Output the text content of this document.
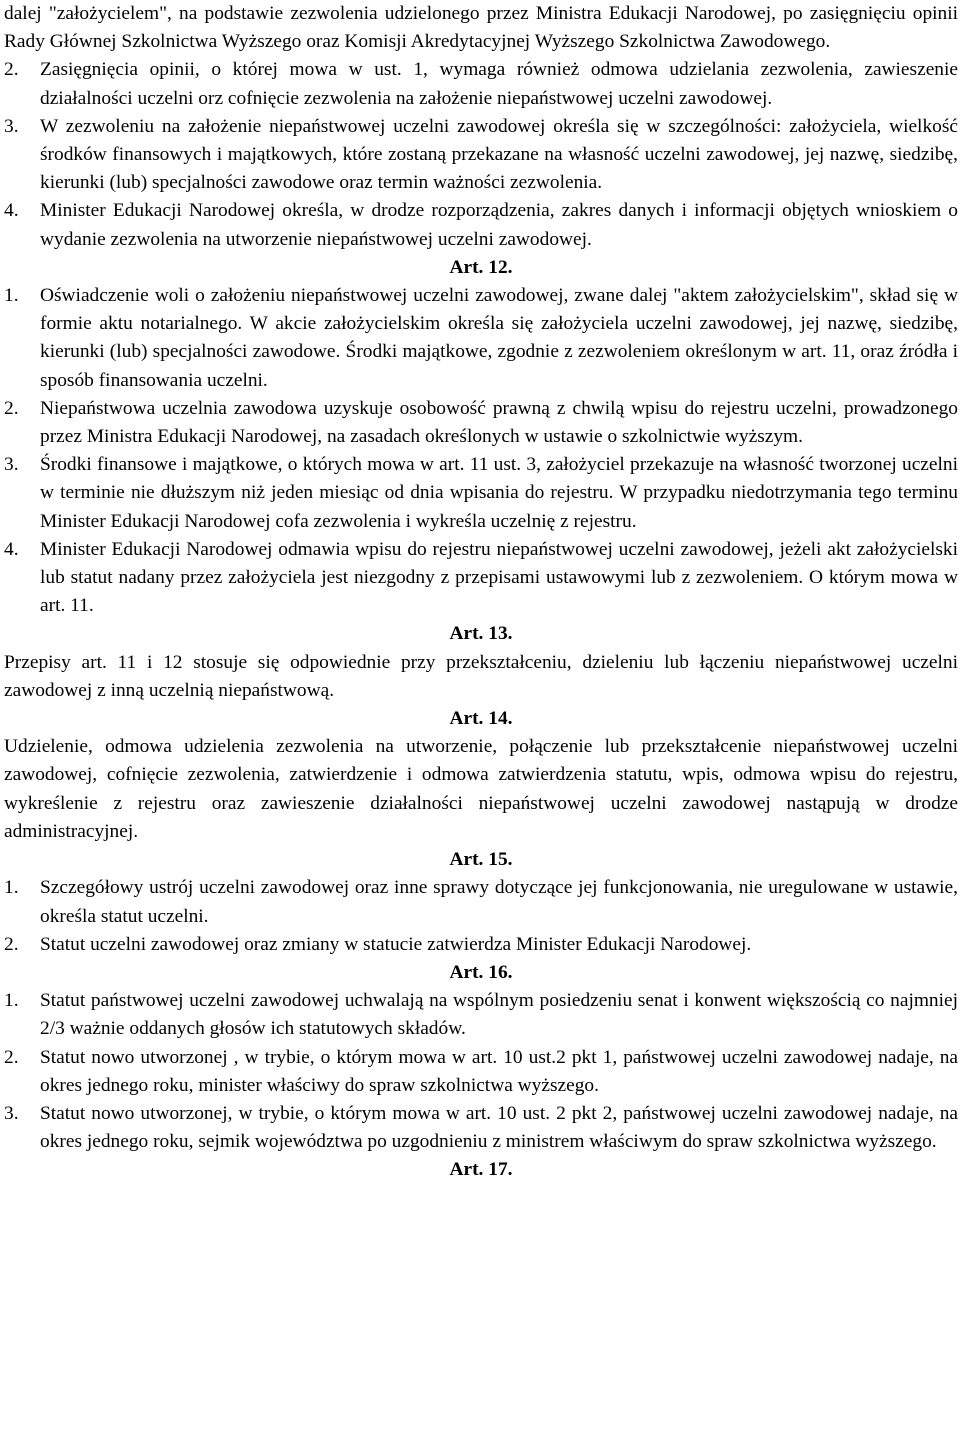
dalej "założycielem", na podstawie zezwolenia udzielonego przez Ministra Edukacji Narodowej, po zasięgnięciu opinii Rady Głównej Szkolnictwa Wyższego oraz Komisji Akredytacyjnej Wyższego Szkolnictwa Zawodowego.

2.	Zasięgnięcia opinii, o której mowa w ust. 1, wymaga również odmowa udzielania zezwolenia, zawieszenie działalności uczelni orz cofnięcie zezwolenia na założenie niepaństwowej uczelni zawodowej.
3.	W zezwoleniu na założenie niepaństwowej uczelni zawodowej określa się w szczególności: założyciela, wielkość środków finansowych i majątkowych, które zostaną przekazane na własność uczelni zawodowej, jej nazwę, siedzibę, kierunki (lub) specjalności zawodowe oraz termin ważności zezwolenia.
4.	Minister Edukacji Narodowej określa, w drodze rozporządzenia, zakres danych i informacji objętych wnioskiem o wydanie zezwolenia na utworzenie niepaństwowej uczelni zawodowej.

Art. 12.

1.	Oświadczenie woli o założeniu niepaństwowej uczelni zawodowej, zwane dalej "aktem założycielskim", skład się w formie aktu notarialnego. W akcie założycielskim określa się założyciela uczelni zawodowej, jej nazwę, siedzibę, kierunki (lub) specjalności zawodowe. Środki majątkowe, zgodnie z zezwoleniem określonym w art. 11, oraz źródła i sposób finansowania uczelni.
2.	Niepaństwowa uczelnia zawodowa uzyskuje osobowość prawną z chwilą wpisu do rejestru uczelni, prowadzonego przez Ministra Edukacji Narodowej, na zasadach określonych w ustawie o szkolnictwie wyższym.
3.	Środki finansowe i majątkowe, o których mowa w art. 11 ust. 3, założyciel przekazuje na własność tworzonej uczelni w terminie nie dłuższym niż jeden miesiąc od dnia wpisania do rejestru. W przypadku niedotrzymania tego terminu Minister Edukacji Narodowej cofa zezwolenia i wykreśla uczelnię z rejestru.
4.	Minister Edukacji Narodowej odmawia wpisu do rejestru niepaństwowej uczelni zawodowej, jeżeli akt założycielski lub statut nadany przez założyciela jest niezgodny z przepisami ustawowymi lub z zezwoleniem. O którym mowa w art. 11.

Art. 13.

Przepisy art. 11 i 12 stosuje się odpowiednie przy przekształceniu, dzieleniu lub łączeniu niepaństwowej uczelni zawodowej z inną uczelnią niepaństwową.

Art. 14.

Udzielenie, odmowa udzielenia zezwolenia na utworzenie, połączenie lub przekształcenie niepaństwowej uczelni zawodowej, cofnięcie zezwolenia, zatwierdzenie i odmowa zatwierdzenia statutu, wpis, odmowa wpisu do rejestru, wykreślenie z rejestru oraz zawieszenie działalności niepaństwowej uczelni zawodowej nastąpują w drodze administracyjnej.

Art. 15.

1.	Szczegółowy ustrój uczelni zawodowej oraz inne sprawy dotyczące jej funkcjonowania, nie uregulowane w ustawie, określa statut uczelni.
2.	Statut uczelni zawodowej oraz zmiany w statucie zatwierdza Minister Edukacji Narodowej.

Art. 16.

1.	Statut państwowej uczelni zawodowej uchwalają na wspólnym posiedzeniu senat i konwent większością co najmniej 2/3 ważnie oddanych głosów ich statutowych składów.
2.	Statut nowo utworzonej , w trybie, o którym mowa w art. 10 ust.2 pkt 1, państwowej uczelni zawodowej nadaje, na okres jednego roku, minister właściwy do spraw szkolnictwa wyższego.
3.	Statut nowo utworzonej, w trybie, o którym mowa w art. 10 ust. 2 pkt 2, państwowej uczelni zawodowej nadaje, na okres jednego roku, sejmik województwa po uzgodnieniu z ministrem właściwym do spraw szkolnictwa wyższego.

Art. 17.
